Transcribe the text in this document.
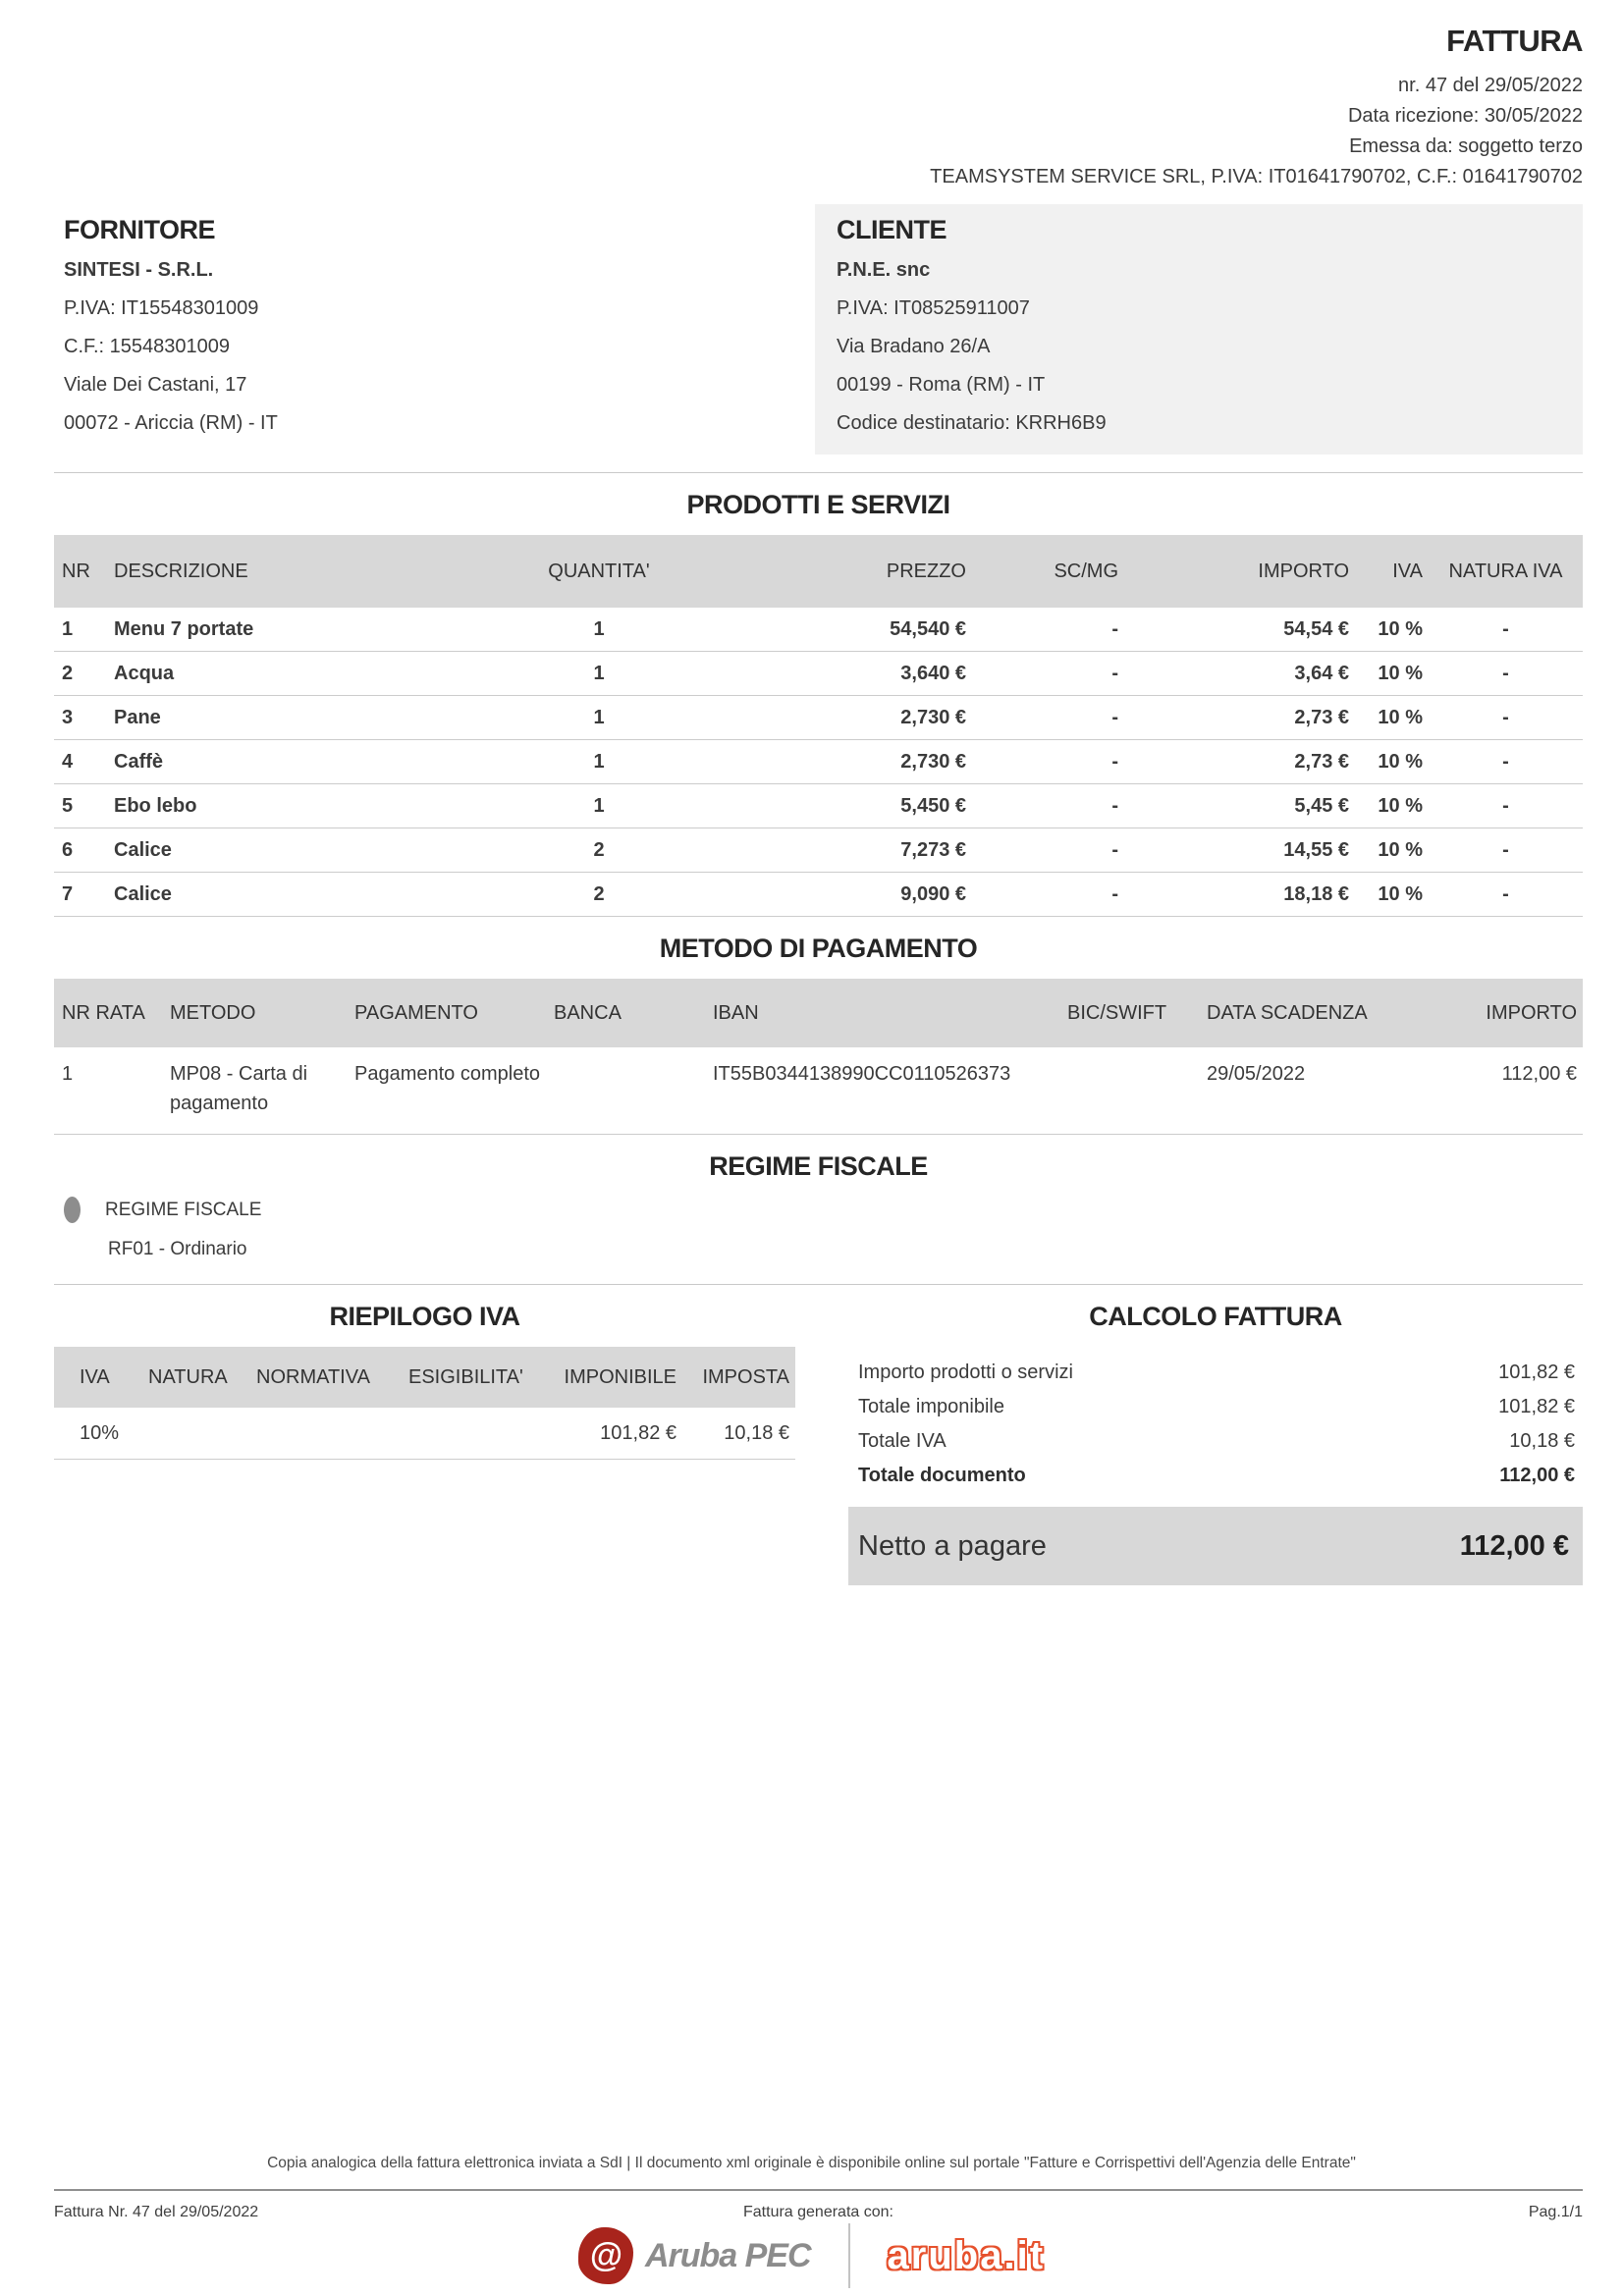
FATTURA
nr. 47 del 29/05/2022
Data ricezione: 30/05/2022
Emessa da: soggetto terzo
TEAMSYSTEM SERVICE SRL, P.IVA: IT01641790702, C.F.: 01641790702
FORNITORE
SINTESI - S.R.L.
P.IVA: IT15548301009
C.F.: 15548301009
Viale Dei Castani, 17
00072 - Ariccia (RM) - IT
CLIENTE
P.N.E. snc
P.IVA: IT08525911007
Via Bradano 26/A
00199 - Roma (RM) - IT
Codice destinatario: KRRH6B9
PRODOTTI E SERVIZI
NR	DESCRIZIONE	QUANTITA'	PREZZO	SC/MG	IMPORTO	IVA	NATURA IVA
1	Menu 7 portate	1	54,540 €	-	54,54 €	10 %	-
2	Acqua	1	3,640 €	-	3,64 €	10 %	-
3	Pane	1	2,730 €	-	2,73 €	10 %	-
4	Caffè	1	2,730 €	-	2,73 €	10 %	-
5	Ebo lebo	1	5,450 €	-	5,45 €	10 %	-
6	Calice	2	7,273 €	-	14,55 €	10 %	-
7	Calice	2	9,090 €	-	18,18 €	10 %	-
METODO DI PAGAMENTO
NR RATA	METODO	PAGAMENTO	BANCA	IBAN	BIC/SWIFT	DATA SCADENZA	IMPORTO
1	MP08 - Carta di pagamento	Pagamento completo		IT55B0344138990CC0110526373		29/05/2022	112,00 €
REGIME FISCALE
REGIME FISCALE
RF01 - Ordinario
RIEPILOGO IVA
IVA	NATURA	NORMATIVA	ESIGIBILITA'	IMPONIBILE	IMPOSTA
10%				101,82 €	10,18 €
CALCOLO FATTURA
Importo prodotti o servizi	101,82 €
Totale imponibile	101,82 €
Totale IVA	10,18 €
Totale documento	112,00 €
Netto a pagare	112,00 €
Copia analogica della fattura elettronica inviata a SdI | Il documento xml originale è disponibile online sul portale "Fatture e Corrispettivi dell'Agenzia delle Entrate"
Fattura Nr. 47 del 29/05/2022	Fattura generata con:	Pag.1/1
@ Aruba PEC aruba.it
